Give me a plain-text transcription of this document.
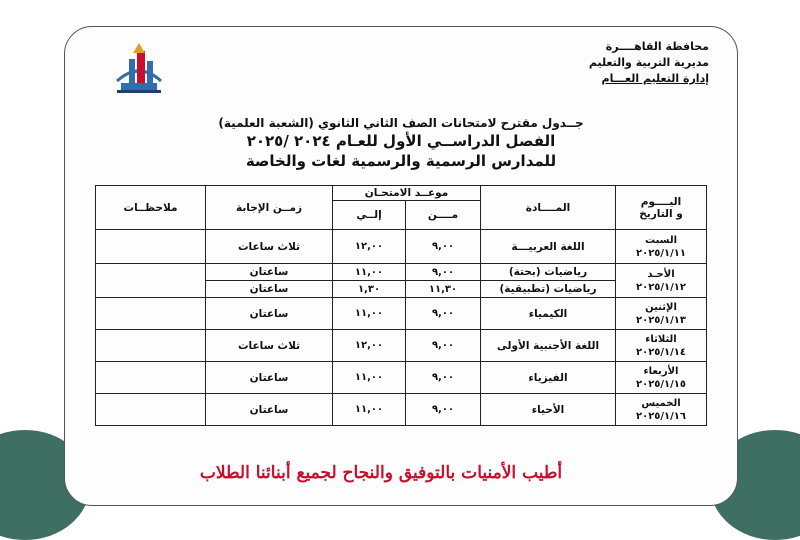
محافظة القاهــــرة
مديرية التربية والتعليم
إدارة التعليم العـــام
جــدول مقترح لامتحانات الصف الثاني الثانوي (الشعبة العلمية)
الفصل الدراســي الأول للعـام ٢٠٢٤ /٢٠٢٥
للمدارس الرسمية والرسمية لغات والخاصة
اليــــوم
و التاريخ	المــــادة	موعــد الامتحـان		زمــن الإجابة	ملاحظــات
		مــــن	إلــي		

السبت
٢٠٢٥/١/١١	اللغة العربيـــة	٩,٠٠	١٢,٠٠	ثلاث ساعات	

الأحـد
٢٠٢٥/١/١٢	رياضيات (بحتة)	٩,٠٠	١١,٠٠	ساعتان	
	رياضيات (تطبيقية)	١١,٣٠	١,٣٠	ساعتان	

الإثنين
٢٠٢٥/١/١٣	الكيمياء	٩,٠٠	١١,٠٠	ساعتان	

الثلاثاء
٢٠٢٥/١/١٤	اللغة الأجنبية الأولى	٩,٠٠	١٢,٠٠	ثلاث ساعات	

الأربعاء
٢٠٢٥/١/١٥	الفيزياء	٩,٠٠	١١,٠٠	ساعتان	

الخميس
٢٠٢٥/١/١٦	الأحياء	٩,٠٠	١١,٠٠	ساعتان	
أطيب الأمنيات بالتوفيق والنجاح لجميع أبنائنا الطلاب
